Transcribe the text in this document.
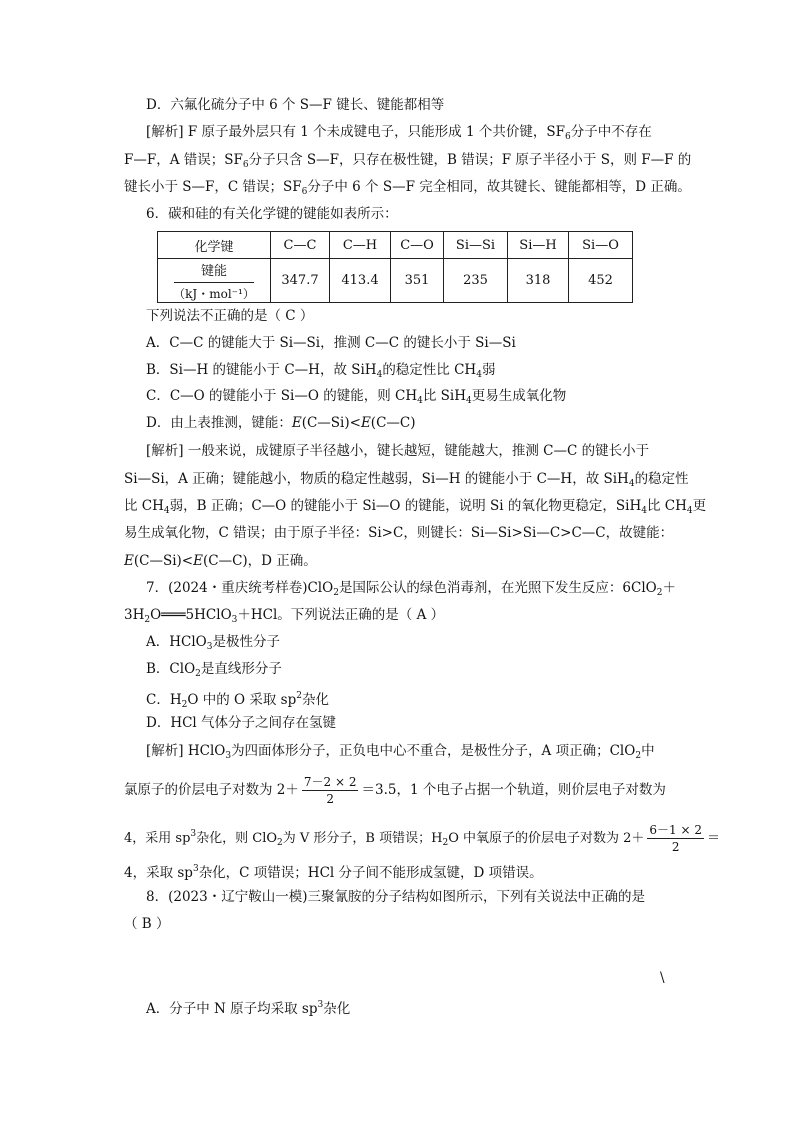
D．六氟化硫分子中 6 个 S—F 键长、键能都相等
[解析] F 原子最外层只有 1 个未成键电子，只能形成 1 个共价键，$SF_6$分子中不存在
F—F，A 错误；$SF_6$分子只含 S—F，只存在极性键，B 错误；F 原子半径小于 S，则 F—F 的
键长小于 S—F，C 错误；$SF_6$分子中 6 个 S—F 完全相同，故其键长、键能都相等，D 正确。
6．碳和硅的有关化学键的键能如表所示：
化学键	C—C	C—H	C—O	Si—Si	Si—H	Si—O

键能
（kJ・mol⁻¹）	347.7	413.4	351	235	318	452
下列说法不正确的是（ C ）
A．C—C 的键能大于 Si—Si，推测 C—C 的键长小于 Si—Si
B．Si—H 的键能小于 C—H，故 SiH$_4$的稳定性比 $CH_4$弱
C．C—O 的键能小于 Si—O 的键能，则 $CH_4$比 SiH$_4$更易生成氧化物
D．由上表推测，键能：E(C—Si)<E(C—C)
[解析] 一般来说，成键原子半径越小，键长越短，键能越大，推测 C—C 的键长小于
Si—Si，A 正确；键能越小，物质的稳定性越弱，Si—H 的键能小于 C—H，故 SiH$_4$的稳定性
比 $CH_4$弱，B 正确；C—O 的键能小于 Si—O 的键能，说明 Si 的氧化物更稳定，SiH$_4$比 $CH_4$更
易生成氧化物，C 错误；由于原子半径：Si>C，则键长：Si—Si>Si—C>C—C，故键能：
E(C—Si)<E(C—C)，D 正确。
7．(2024・重庆统考样卷)ClO$_2$是国际公认的绿色消毒剂，在光照下发生反应：6ClO$_2$＋
$3H_2O═══5HClO_3+HCl$。下列说法正确的是（ A ）
A．HClO$_3$是极性分子
B．ClO$_2$是直线形分子
C．$H_2O$ 中的 O 采取 $sp^2$杂化
D．HCl 气体分子之间存在氢键
[解析] HClO$_3$为四面体形分子，正负电中心不重合，是极性分子，A 项正确；ClO$_2$中
氯原子的价层电子对数为 $2+ \frac{7-2 \times 2}{2} =3.5$，1 个电子占据一个轨道，则价层电子对数为
4，采用 $sp^3$杂化，则 ClO$_2$为 V 形分子，B 项错误；$H_2O$ 中氧原子的价层电子对数为 $2+ \frac{6-1 \times 2}{2}$ ＝
4，采取 $sp^3$杂化，C 项错误；HCl 分子间不能形成氢键，D 项错误。
8．(2023・辽宁鞍山一模)三聚氰胺的分子结构如图所示，下列有关说法中正确的是
（ B ）
\
A．分子中 N 原子均采取 $sp^3$杂化
